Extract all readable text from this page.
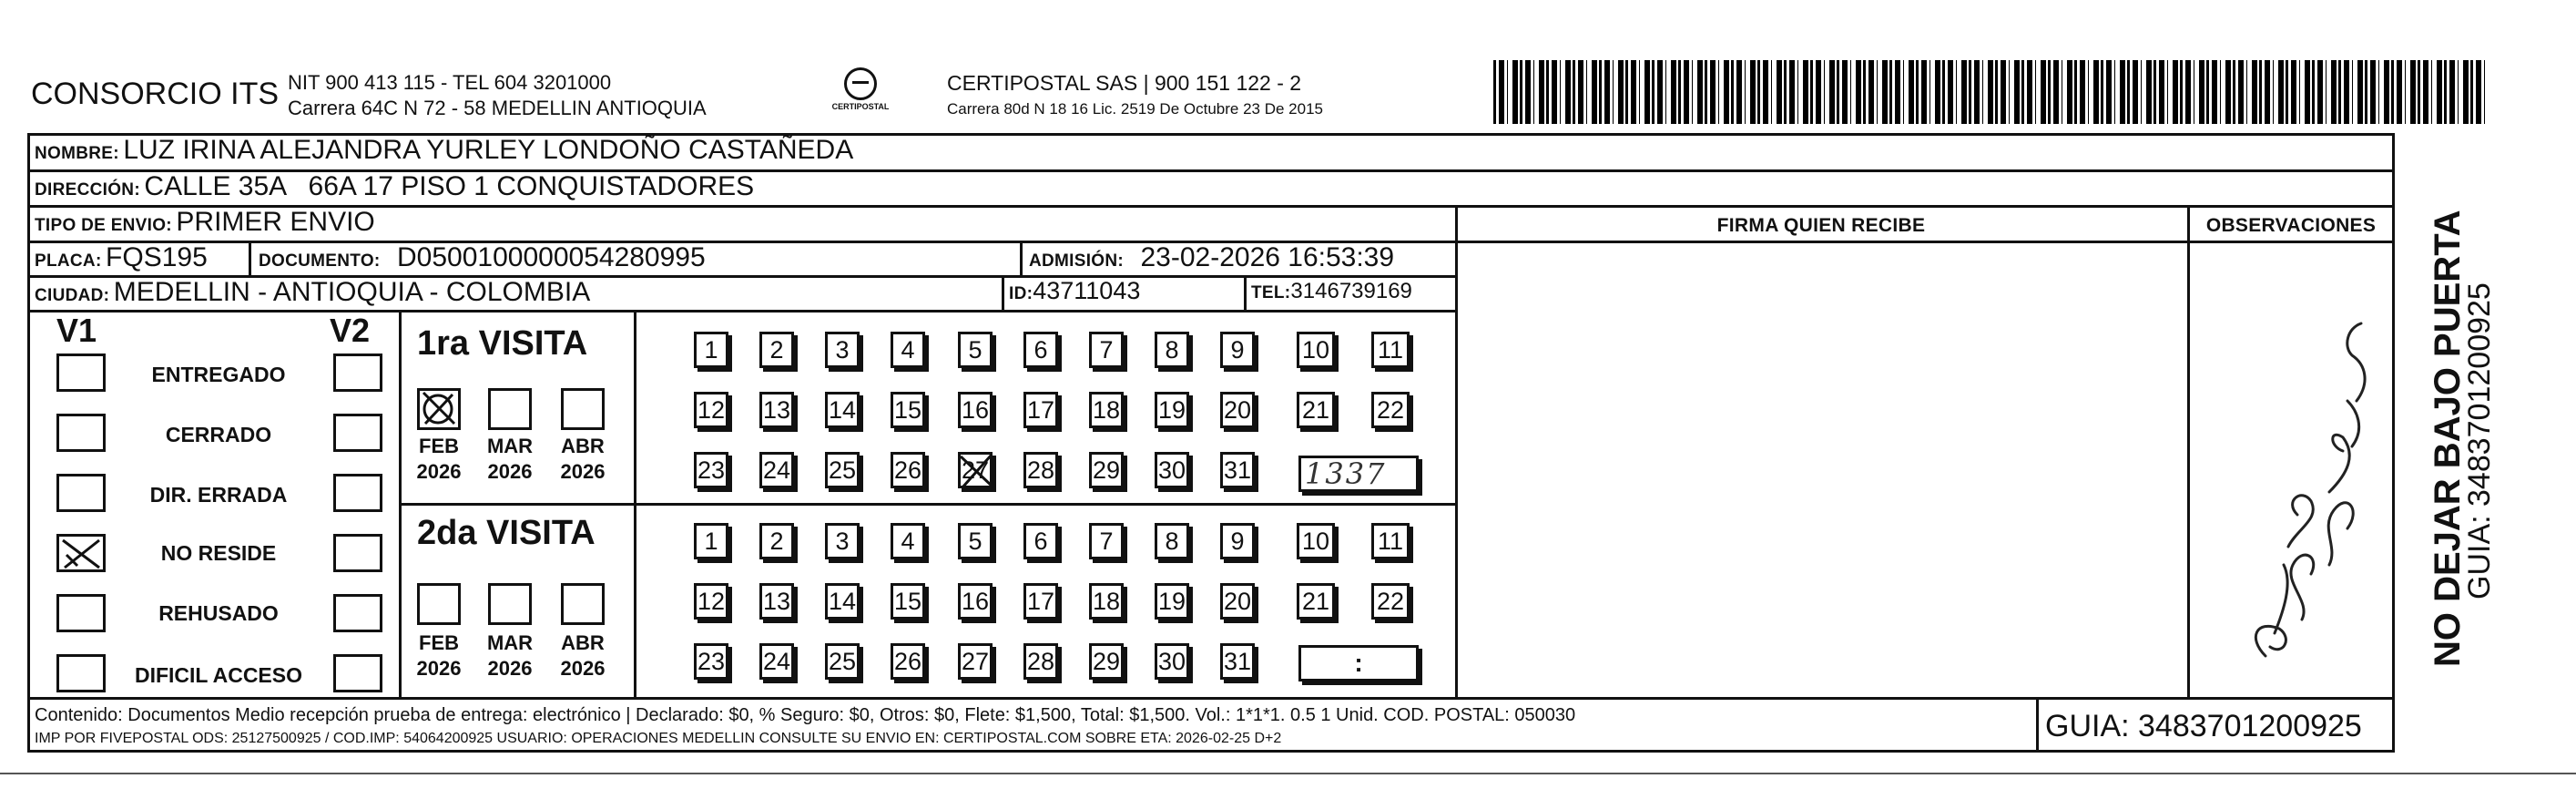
CONSORCIO ITS NIT 900 413 115 - TEL 604 3201000
Carrera 64C N 72 - 58 MEDELLIN ANTIOQUIA	CERTIPOSTAL
CERTIPOSTAL SAS | 900 151 122 - 2
Carrera 80d N 18 16 Lic. 2519 De Octubre 23 De 2015
NOMBRE: LUZ IRINA ALEJANDRA YURLEY LONDOÑO CASTAÑEDA
DIRECCIÓN: CALLE 35A   66A 17 PISO 1 CONQUISTADORES
TIPO DE ENVIO: PRIMER ENVIO	FIRMA QUIEN RECIBE	OBSERVACIONES
PLACA: FQS195	DOCUMENTO: D0500100000054280995	ADMISIÓN: 23-02-2026 16:53:39
CIUDAD: MEDELLIN - ANTIOQUIA - COLOMBIA	ID:43711043	TEL:3146739169
V1	V2
ENTREGADO
CERRADO
DIR. ERRADA
NO RESIDE
REHUSADO
DIFICIL ACCESO
1ra VISITA
FEB
2026
MAR
2026
ABR
2026
2da VISITA
FEB
2026
MAR
2026
ABR
2026
1 2 3 4 5 6 7 8 9 10 11
12 13 14 15 16 17 18 19 20 21 22
23 24 25 26 27 28 29 30 31
1 2 3 4 5 6 7 8 9 10 11
12 13 14 15 16 17 18 19 20 21 22
23 24 25 26 27 28 29 30 31
1337
:
Contenido: Documentos Medio recepción prueba de entrega: electrónico | Declarado: $0, % Seguro: $0, Otros: $0, Flete: $1,500, Total: $1,500. Vol.: 1*1*1. 0.5 1 Unid. COD. POSTAL: 050030
IMP POR FIVEPOSTAL ODS: 25127500925 / COD.IMP: 54064200925 USUARIO: OPERACIONES MEDELLIN CONSULTE SU ENVIO EN: CERTIPOSTAL.COM SOBRE ETA: 2026-02-25 D+2	GUIA: 3483701200925
NO DEJAR BAJO PUERTA
GUIA: 3483701200925
